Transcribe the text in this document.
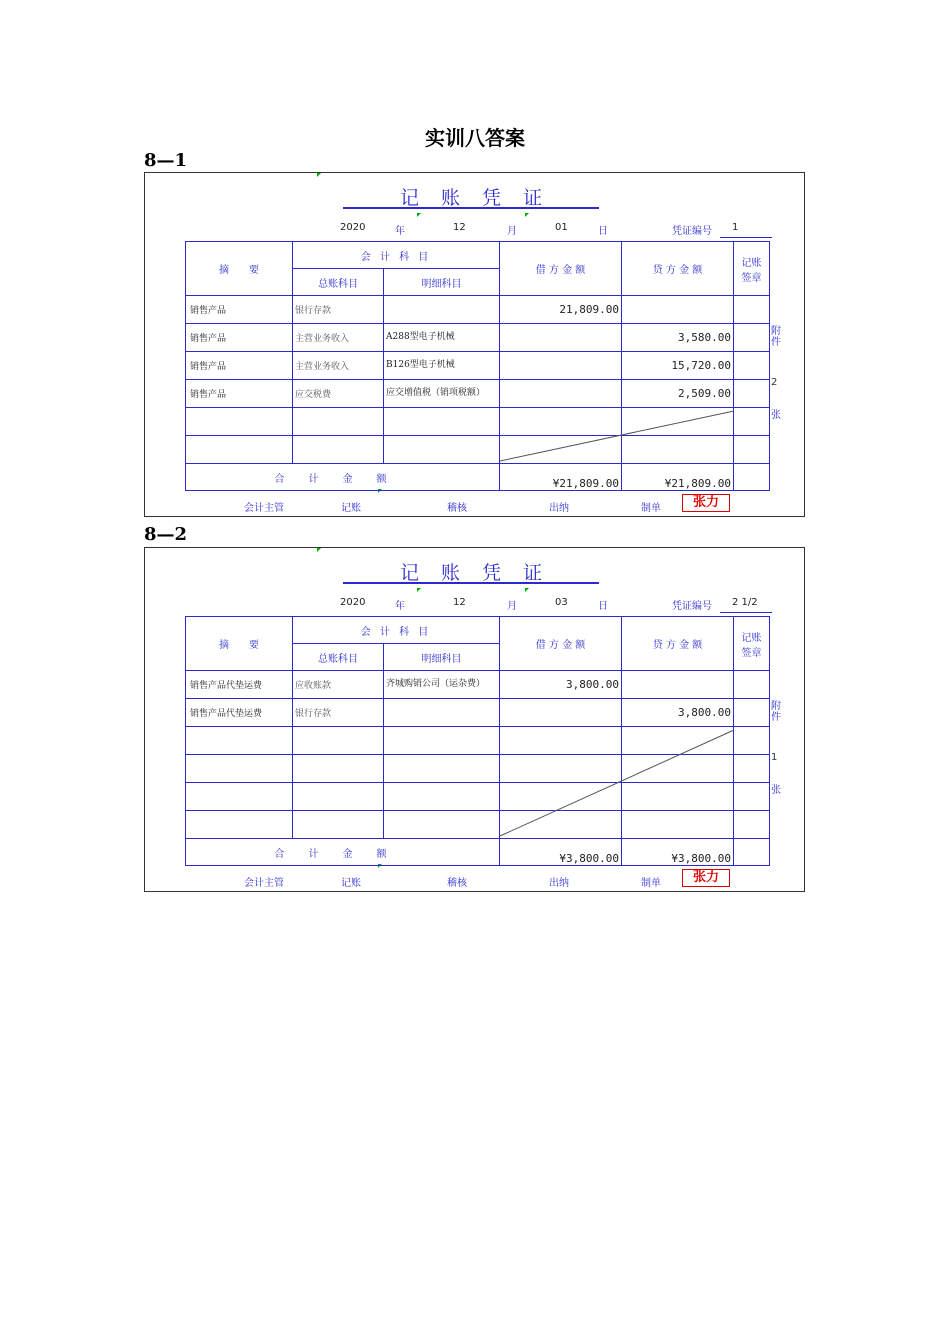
实训八答案
8—1
记账凭证
2020	年	12	月	01	日	凭证编号 1
摘　　要	会 计 科 目		借 方 金 额	贷 方 金 额	记账
签章

	总账科目	明细科目			
销售产品	银行存款		21,809.00		
销售产品	主营业务收入	A288型电子机械		3,580.00	
销售产品	主营业务收入	B126型电子机械		15,720.00	
销售产品	应交税费	应交增值税（销项税额）		2,509.00	

合计金额			¥21,809.00	¥21,809.00	
附
件
2
张
会计主管	记账	稽核	出纳	制单	张力
8—2
记账凭证
2020	年	12	月	03	日	凭证编号 2 1/2
摘　　要	会 计 科 目		借 方 金 额	贷 方 金 额	记账
签章

	总账科目	明细科目			
销售产品代垫运费	应收账款	齐城购销公司（运杂费）	3,800.00		
销售产品代垫运费	银行存款			3,800.00	

合计金额			¥3,800.00	¥3,800.00	
附
件
1
张
会计主管	记账	稽核	出纳	制单	张力
